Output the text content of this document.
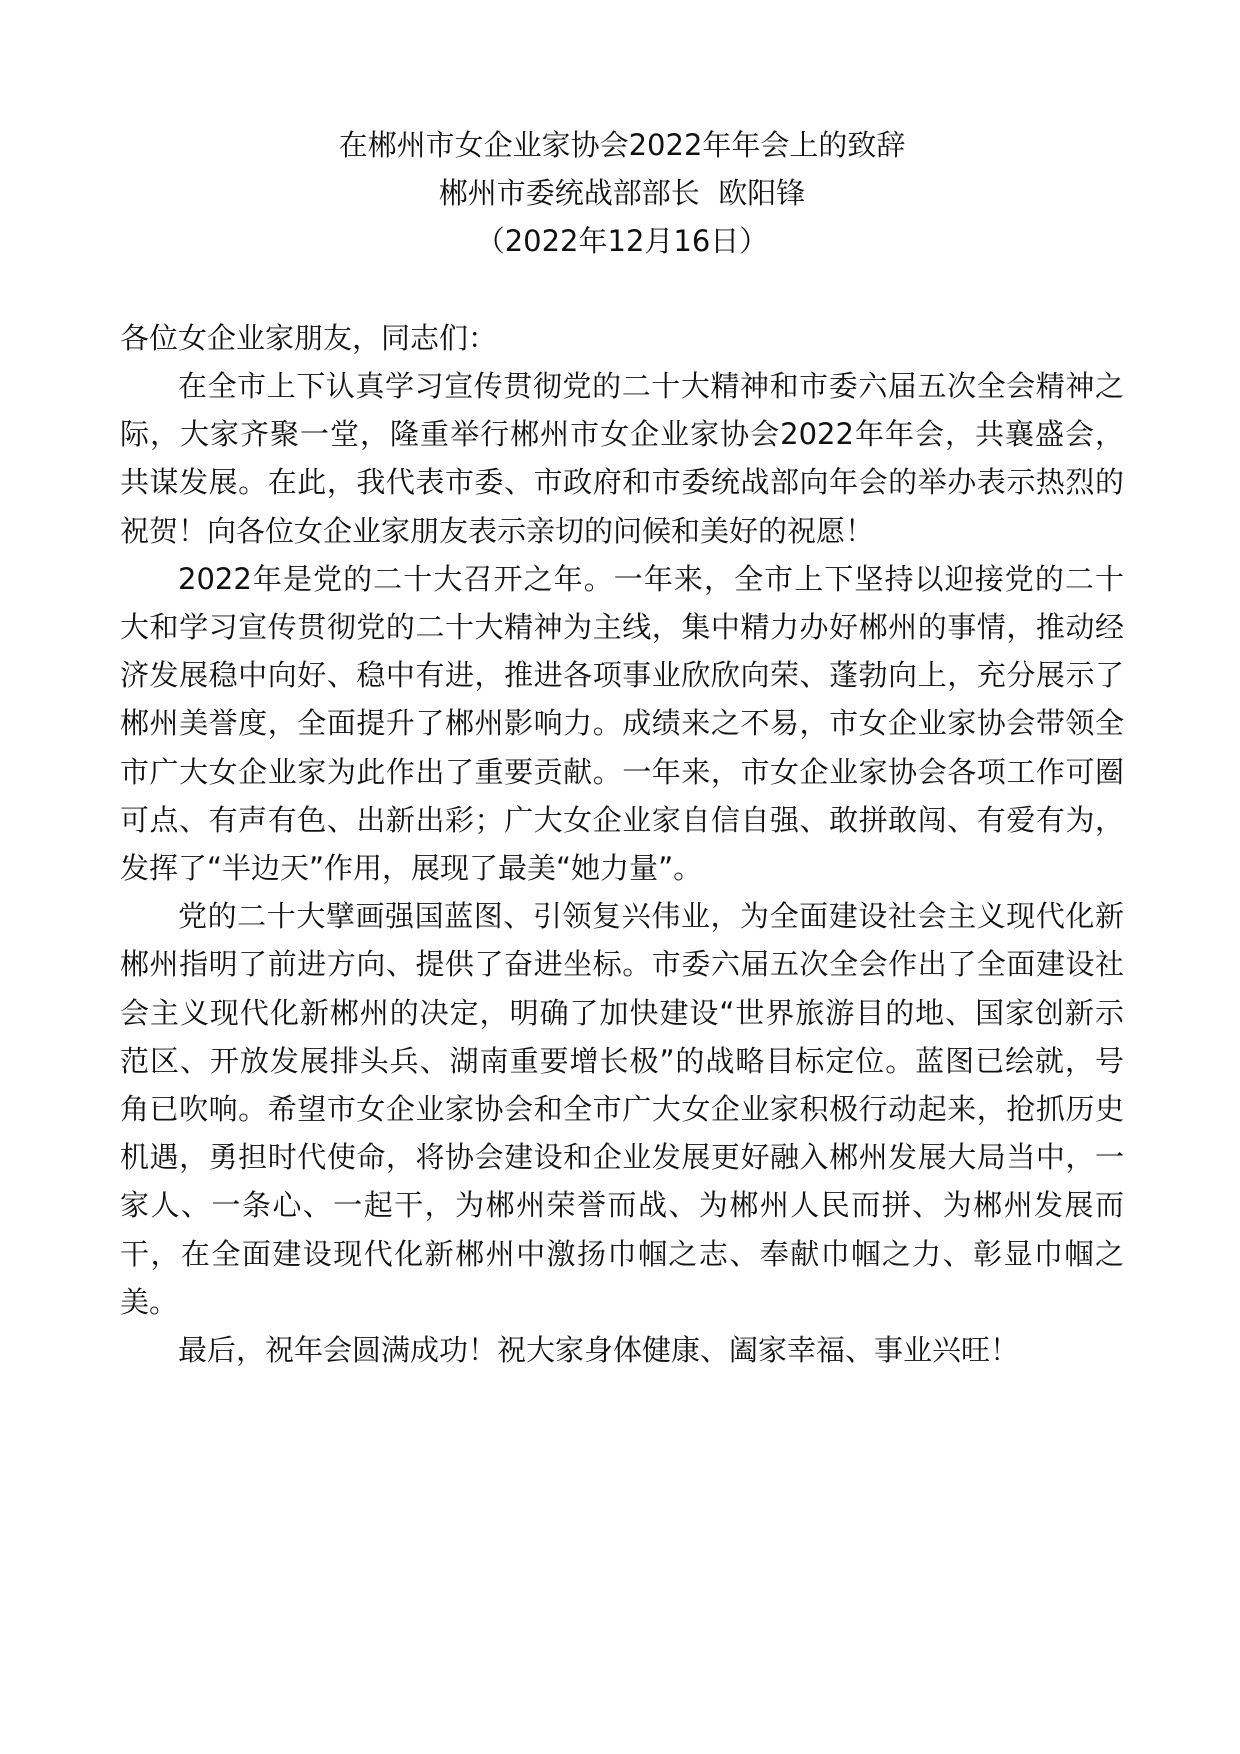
在郴州市女企业家协会2022年年会上的致辞
郴州市委统战部部长  欧阳锋
（2022年12月16日）
各位女企业家朋友，同志们：
在全市上下认真学习宣传贯彻党的二十大精神和市委六届五次全会精神之
际，大家齐聚一堂，隆重举行郴州市女企业家协会2022年年会，共襄盛会，
共谋发展。在此，我代表市委、市政府和市委统战部向年会的举办表示热烈的
祝贺！向各位女企业家朋友表示亲切的问候和美好的祝愿！
2022年是党的二十大召开之年。一年来，全市上下坚持以迎接党的二十
大和学习宣传贯彻党的二十大精神为主线，集中精力办好郴州的事情，推动经
济发展稳中向好、稳中有进，推进各项事业欣欣向荣、蓬勃向上，充分展示了
郴州美誉度，全面提升了郴州影响力。成绩来之不易，市女企业家协会带领全
市广大女企业家为此作出了重要贡献。一年来，市女企业家协会各项工作可圈
可点、有声有色、出新出彩；广大女企业家自信自强、敢拼敢闯、有爱有为，
发挥了“半边天”作用，展现了最美“她力量”。
党的二十大擘画强国蓝图、引领复兴伟业，为全面建设社会主义现代化新
郴州指明了前进方向、提供了奋进坐标。市委六届五次全会作出了全面建设社
会主义现代化新郴州的决定，明确了加快建设“世界旅游目的地、国家创新示
范区、开放发展排头兵、湖南重要增长极”的战略目标定位。蓝图已绘就，号
角已吹响。希望市女企业家协会和全市广大女企业家积极行动起来，抢抓历史
机遇，勇担时代使命，将协会建设和企业发展更好融入郴州发展大局当中，一
家人、一条心、一起干，为郴州荣誉而战、为郴州人民而拼、为郴州发展而
干，在全面建设现代化新郴州中激扬巾帼之志、奉献巾帼之力、彰显巾帼之
美。
最后，祝年会圆满成功！祝大家身体健康、阖家幸福、事业兴旺！
